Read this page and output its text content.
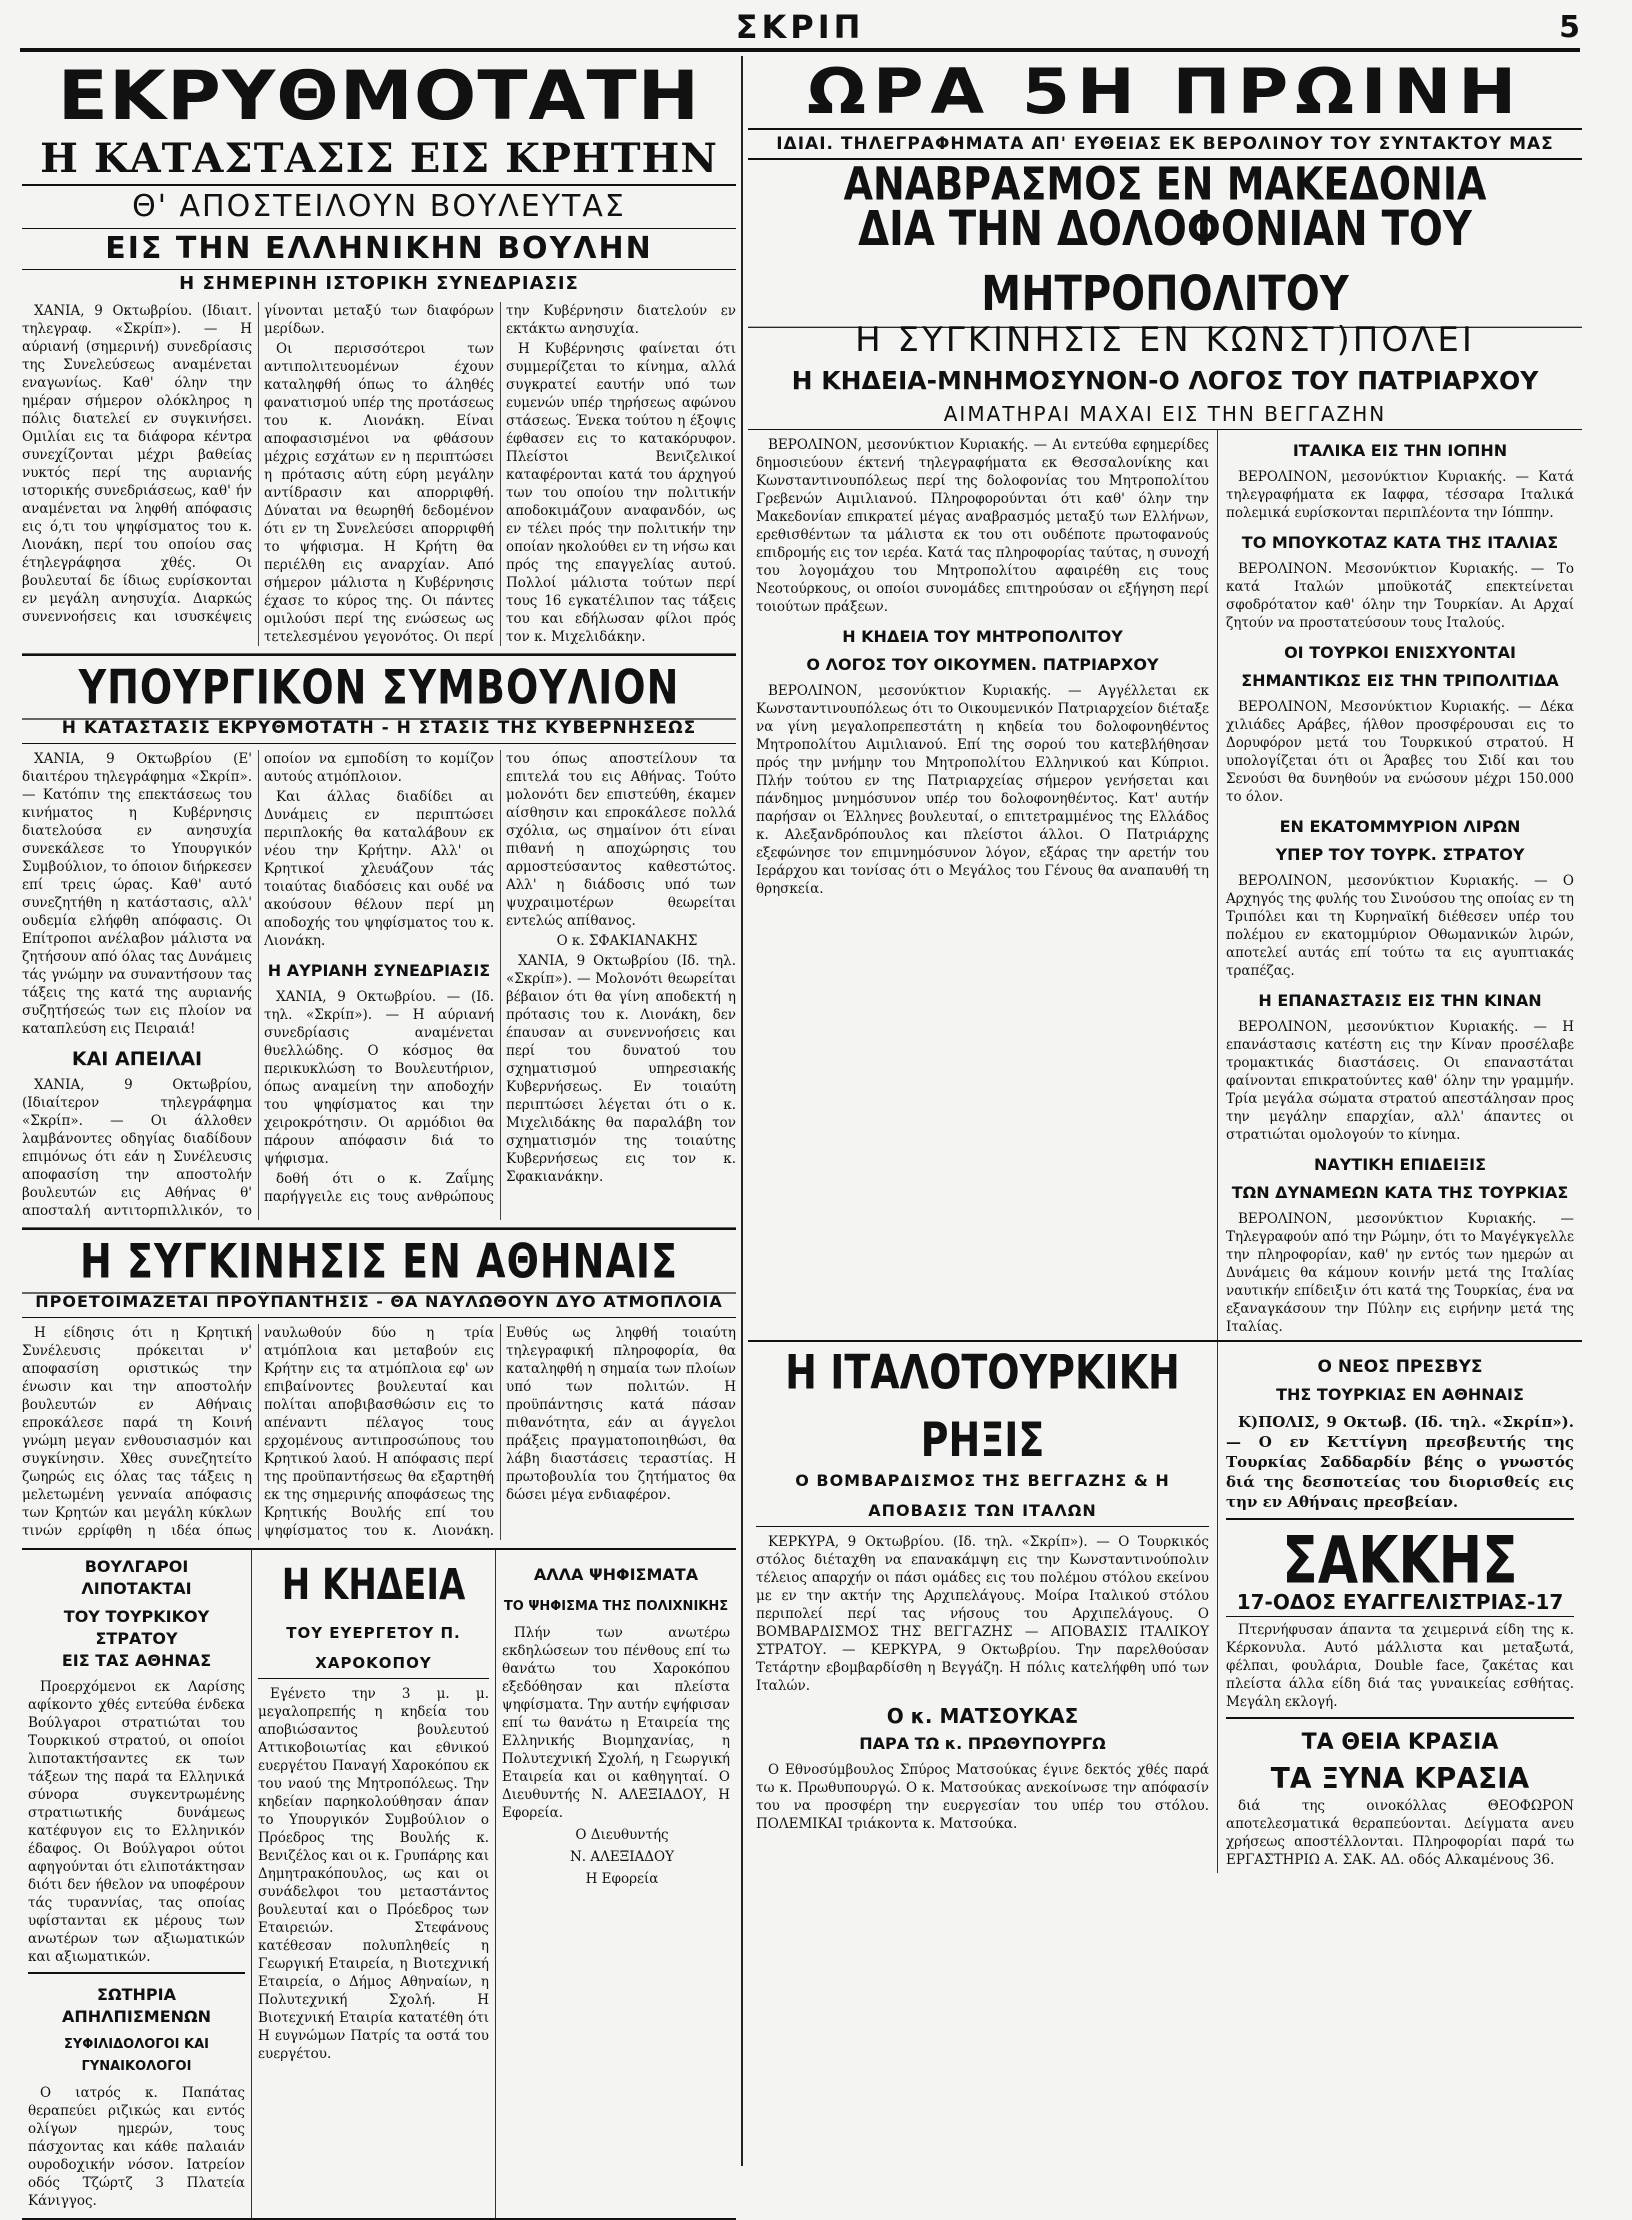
ΣΚΡΙΠ	5
ΕΚΡΥΘΜΟΤΑΤΗ
Η ΚΑΤΑΣΤΑΣΙΣ ΕΙΣ ΚΡΗΤΗΝ
Θ' ΑΠΟΣΤΕΙΛΟΥΝ ΒΟΥΛΕΥΤΑΣ
ΕΙΣ ΤΗΝ ΕΛΛΗΝΙΚΗΝ ΒΟΥΛΗΝ
Η ΣΗΜΕΡΙΝΗ ΙΣΤΟΡΙΚΗ ΣΥΝΕΔΡΙΑΣΙΣ

ΧΑΝΙΑ, 9 Οκτωβρίου. (Ιδιαιτ. τηλεγραφ. «Σκρίπ»). — Η αύριανή (σημερινή) συνεδρίασις της Συνελεύσεως αναμένεται εναγωνίως. Καθ' όλην την ημέραν σήμερον ολόκληρος η πόλις διατελεί εν συγκινήσει. Ομιλίαι εις τα διάφορα κέντρα συνεχίζονται μέχρι βαθείας νυκτός περί της αυριανής ιστορικής συνεδριάσεως, καθ' ήν αναμένεται να ληφθή απόφασις εις ό,τι του ψηφίσματος του κ. Λιονάκη, περί του οποίου σας έτηλεγράφησα χθές. Οι βουλευταί δε ίδιως ευρίσκονται εν μεγάλη ανησυχία. Διαρκώς συνεννοήσεις και ισυσκέψεις γίνονται μεταξύ των διαφόρων μερίδων.

Οι περισσότεροι των αντιπολιτευομένων έχουν καταληφθή όπως το άληθές φανατισμού υπέρ της προτάσεως του κ. Λιονάκη. Είναι αποφασισμένοι να φθάσουν μέχρις εσχάτων εν η περιπτώσει η πρότασις αύτη εύρη μεγάλην αντίδρασιν και απορριφθή. Δύναται να θεωρηθή δεδομένον ότι εν τη Συνελεύσει απορριφθή το ψήφισμα. Η Κρήτη θα περιέλθη εις αναρχίαν. Από σήμερον μάλιστα η Κυβέρνησις έχασε το κύρος της. Οι πάντες ομιλούσι περί της ενώσεως ως τετελεσμένου γεγονότος. Οι περί την Κυβέρνησιν διατελούν εν εκτάκτω ανησυχία.

Η Κυβέρνησις φαίνεται ότι συμμερίζεται το κίνημα, αλλά συγκρατεί εαυτήν υπό των ευμενών υπέρ τηρήσεως αφώνου στάσεως. Ένεκα τούτου η έξοψις έφθασεν εις το κατακόρυφον. Πλείστοι Βενιζελικοί καταφέρονται κατά του άρχηγού των του οποίου την πολιτικήν αποδοκιμάζουν αναφανδόν, ως εν τέλει πρός την πολιτικήν την οποίαν ηκολούθει εν τη νήσω και πρός της επαγγελίας αυτού. Πολλοί μάλιστα τούτων περί τους 16 εγκατέλιπον τας τάξεις του και εδήλωσαν φίλοι πρός τον κ. Μιχελιδάκην.

ΥΠΟΥΡΓΙΚΟΝ ΣΥΜΒΟΥΛΙΟΝ
Η ΚΑΤΑΣΤΑΣΙΣ ΕΚΡΥΘΜΟΤΑΤΗ - Η ΣΤΑΣΙΣ ΤΗΣ ΚΥΒΕΡΝΗΣΕΩΣ

ΧΑΝΙΑ, 9 Οκτωβρίου (Ε' διαιτέρου τηλεγράφημα «Σκρίπ». — Κατόπιν της επεκτάσεως του κινήματος η Κυβέρνησις διατελούσα εν ανησυχία συνεκάλεσε το Υπουργικόν Συμβούλιον, το όποιον διήρκεσεν επί τρεις ώρας. Καθ' αυτό συνεζητήθη η κατάστασις, αλλ' ουδεμία ελήφθη απόφασις. Οι Επίτροποι ανέλαβον μάλιστα να ζητήσουν από όλας τας Δυνάμεις τάς γνώμην να συναντήσουν τας τάξεις της κατά της αυριανής συζητήσεώς των εις πλοίον να καταπλεύση εις Πειραιά!

ΚΑΙ ΑΠΕΙΛΑΙ

ΧΑΝΙΑ, 9 Οκτωβρίου, (Ιδιαίτερον τηλεγράφημα «Σκρίπ». — Οι άλλοθεν λαμβάνοντες οδηγίας διαδίδουν επιμόνως ότι εάν η Συνέλευσις αποφασίση την αποστολήν βουλευτών εις Αθήνας θ' αποσταλή αντιτορπιλλικόν, το οποίον να εμποδίση το κομίζον αυτούς ατμόπλοιον.

Και άλλας διαδίδει αι Δυνάμεις εν περιπτώσει περιπλοκής θα καταλάβουν εκ νέου την Κρήτην. Αλλ' οι Κρητικοί χλευάζουν τάς τοιαύτας διαδόσεις και ουδέ να ακούσουν θέλουν περί μη αποδοχής του ψηφίσματος του κ. Λιονάκη.

Η ΑΥΡΙΑΝΗ ΣΥΝΕΔΡΙΑΣΙΣ

ΧΑΝΙΑ, 9 Οκτωβρίου. — (Ιδ. τηλ. «Σκρίπ»). — Η αύριανή συνεδρίασις αναμένεται θυελλώδης. Ο κόσμος θα περικυκλώση το Βουλευτήριον, όπως αναμείνη την αποδοχήν του ψηφίσματος και την χειροκρότησιν. Οι αρμόδιοι θα πάρουν απόφασιν διά το ψήφισμα.

δοθή ότι ο κ. Ζαΐμης παρήγγειλε εις τους ανθρώπους του όπως αποστείλουν τα επιτελά του εις Αθήνας. Τούτο μολονότι δεν επιστεύθη, έκαμεν αίσθησιν και επροκάλεσε πολλά σχόλια, ως σημαίνον ότι είναι πιθανή η αποχώρησις του αρμοστεύσαντος καθεστώτος. Αλλ' η διάδοσις υπό των ψυχραιμοτέρων θεωρείται εντελώς απίθανος.

Ο κ. ΣΦΑΚΙΑΝΑΚΗΣ

ΧΑΝΙΑ, 9 Οκτωβρίου (Ιδ. τηλ. «Σκρίπ»). — Μολονότι θεωρείται βέβαιον ότι θα γίνη αποδεκτή η πρότασις του κ. Λιονάκη, δεν έπαυσαν αι συνεννοήσεις και περί του δυνατού του σχηματισμού υπηρεσιακής Κυβερνήσεως. Εν τοιαύτη περιπτώσει λέγεται ότι ο κ. Μιχελιδάκης θα παραλάβη τον σχηματισμόν της τοιαύτης Κυβερνήσεως εις τον κ. Σφακιανάκην.

Η ΣΥΓΚΙΝΗΣΙΣ ΕΝ ΑΘΗΝΑΙΣ
ΠΡΟΕΤΟΙΜΑΖΕΤΑΙ ΠΡΟΫΠΑΝΤΗΣΙΣ - ΘΑ ΝΑΥΛΩΘΟΥΝ ΔΥΟ ΑΤΜΟΠΛΟΙΑ

Η είδησις ότι η Κρητική Συνέλευσις πρόκειται ν' αποφασίση οριστικώς την ένωσιν και την αποστολήν βουλευτών εν Αθήναις επροκάλεσε παρά τη Κοινή γνώμη μεγαν ενθουσιασμόν και συγκίνησιν. Χθες συνεζητείτο ζωηρώς εις όλας τας τάξεις η μελετωμένη γενναία απόφασις των Κρητών και μεγάλη κύκλων τινών ερρίφθη η ιδέα όπως ναυλωθούν δύο η τρία ατμόπλοια και μεταβούν εις Κρήτην εις τα ατμόπλοια εφ' ων επιβαίνοντες βουλευταί και πολίται αποβιβασθώσιν εις το απέναντι πέλαγος τους ερχομένους αντιπροσώπους του Κρητικού λαού. Η απόφασις περί της προϋπαντήσεως θα εξαρτηθή εκ της σημερινής αποφάσεως της Κρητικής Βουλής επί του ψηφίσματος του κ. Λιονάκη. Ευθύς ως ληφθή τοιαύτη τηλεγραφική πληροφορία, θα καταληφθή η σημαία των πλοίων υπό των πολιτών. Η προϋπάντησις κατά πάσαν πιθανότητα, εάν αι άγγελοι πράξεις πραγματοποιηθώσι, θα λάβη διαστάσεις τεραστίας. Η πρωτοβουλία του ζητήματος θα δώσει μέγα ενδιαφέρον.

ΒΟΥΛΓΑΡΟΙ ΛΙΠΟΤΑΚΤΑΙ
ΤΟΥ ΤΟΥΡΚΙΚΟΥ ΣΤΡΑΤΟΥ
ΕΙΣ ΤΑΣ ΑΘΗΝΑΣ

Προερχόμενοι εκ Λαρίσης αφίκοντο χθές εντεύθα ένδεκα Βούλγαροι στρατιώται του Τουρκικού στρατού, οι οποίοι λιποτακτήσαντες εκ των τάξεων της παρά τα Ελληνικά σύνορα συγκεντρωμένης στρατιωτικής δυνάμεως κατέφυγον εις το Ελληνικόν έδαφος. Οι Βούλγαροι ούτοι αφηγούνται ότι ελιποτάκτησαν διότι δεν ήθελον να υποφέρουν τάς τυραννίας, τας οποίας υφίστανται εκ μέρους των ανωτέρων των αξιωματικών και αξιωματικών.

ΣΩΤΗΡΙΑ ΑΠΗΛΠΙΣΜΕΝΩΝ
ΣΥΦΙΛΙΔΟΛΟΓΟΙ ΚΑΙ ΓΥΝΑΙΚΟΛΟΓΟΙ

Ο ιατρός κ. Παπάτας θεραπεύει ριζικώς και εντός ολίγων ημερών, τους πάσχοντας και κάθε παλαιάν ουροδοχικήν νόσον. Ιατρείον οδός Τζώρτζ 3 Πλατεία Κάνιγγος.

Η ΚΗΔΕΙΑ
ΤΟΥ ΕΥΕΡΓΕΤΟΥ Π. ΧΑΡΟΚΟΠΟΥ

Εγένετο την 3 μ. μ. μεγαλοπρεπής η κηδεία του αποβιώσαντος βουλευτού Αττικοβοιωτίας και εθνικού ευεργέτου Παναγή Χαροκόπου εκ του ναού της Μητροπόλεως. Την κηδείαν παρηκολούθησαν άπαν το Υπουργικόν Συμβούλιον ο Πρόεδρος της Βουλής κ. Βενιζέλος και οι κ. Γρυπάρης και Δημητρακόπουλος, ως και οι συνάδελφοι του μεταστάντος βουλευταί και ο Πρόεδρος των Εταιρειών. Στεφάνους κατέθεσαν πολυπληθείς η Γεωργική Εταιρεία, η Βιοτεχνική Εταιρεία, ο Δήμος Αθηναίων, η Πολυτεχνική Σχολή. Η Βιοτεχνική Εταιρία κατατέθη ότι Η ευγνώμων Πατρίς τα οστά του ευεργέτου.

ΑΛΛΑ ΨΗΦΙΣΜΑΤΑ
ΤΟ ΨΗΦΙΣΜΑ ΤΗΣ ΠΟΛΙΧΝΙΚΗΣ

Πλήν των ανωτέρω εκδηλώσεων του πένθους επί τω θανάτω του Χαροκόπου εξεδόθησαν και πλείστα ψηφίσματα. Την αυτήν εψήφισαν επί τω θανάτω η Εταιρεία της Ελληνικής Βιομηχανίας, η Πολυτεχνική Σχολή, η Γεωργική Εταιρεία και οι καθηγηταί. Ο Διευθυντής Ν. ΑΛΕΞΙΑΔΟΥ, Η Εφορεία.

Ο Διευθυντής

Ν. ΑΛΕΞΙΑΔΟΥ

Η Εφορεία

ΩΡΑ 5Η ΠΡΩΙΝΗ
ΙΔΙΑΙ. ΤΗΛΕΓΡΑΦΗΜΑΤΑ ΑΠ' ΕΥΘΕΙΑΣ ΕΚ ΒΕΡΟΛΙΝΟΥ ΤΟΥ ΣΥΝΤΑΚΤΟΥ ΜΑΣ
ΑΝΑΒΡΑΣΜΟΣ ΕΝ ΜΑΚΕΔΟΝΙΑ
ΔΙΑ ΤΗΝ ΔΟΛΟΦΟΝΙΑΝ ΤΟΥ ΜΗΤΡΟΠΟΛΙΤΟΥ
Η ΣΥΓΚΙΝΗΣΙΣ ΕΝ ΚΩΝΣΤ)ΠΟΛΕΙ
Η ΚΗΔΕΙΑ-ΜΝΗΜΟΣΥΝΟΝ-Ο ΛΟΓΟΣ ΤΟΥ ΠΑΤΡΙΑΡΧΟΥ
ΑΙΜΑΤΗΡΑΙ ΜΑΧΑΙ ΕΙΣ ΤΗΝ ΒΕΓΓΑΖΗΝ

ΒΕΡΟΛΙΝΟΝ, μεσονύκτιον Κυριακής. — Αι εντεύθα εφημερίδες δημοσιεύουν έκτενή τηλεγραφήματα εκ Θεσσαλονίκης και Κωνσταντινουπόλεως περί της δολοφονίας του Μητροπολίτου Γρεβενών Αιμιλιανού. Πληροφορούνται ότι καθ' όλην την Μακεδονίαν επικρατεί μέγας αναβρασμός μεταξύ των Ελλήνων, ερεθισθέντων τα μάλιστα εκ του οτι ουδέποτε πρωτοφανούς επιδρομής εις τον ιερέα. Κατά τας πληροφορίας ταύτας, η συνοχή του λογομάχου του Μητροπολίτου αφαιρέθη εις τους Νεοτούρκους, οι οποίοι συνομάδες επιτηρούσαν οι εξήγηση περί τοιούτων πράξεων.

Η ΚΗΔΕΙΑ ΤΟΥ ΜΗΤΡΟΠΟΛΙΤΟΥ
Ο ΛΟΓΟΣ ΤΟΥ ΟΙΚΟΥΜΕΝ. ΠΑΤΡΙΑΡΧΟΥ

ΒΕΡΟΛΙΝΟΝ, μεσονύκτιον Κυριακής. — Αγγέλλεται εκ Κωνσταντινουπόλεως ότι το Οικουμενικόν Πατριαρχείον διέταξε να γίνη μεγαλοπρεπεστάτη η κηδεία του δολοφονηθέντος Μητροπολίτου Αιμιλιανού. Επί της σορού του κατεβλήθησαν πρός την μνήμην του Μητροπολίτου Ελληνικού και Κύπριοι. Πλήν τούτου εν της Πατριαρχείας σήμερον γενήσεται και πάνδημος μνημόσυνον υπέρ του δολοφονηθέντος. Κατ' αυτήν παρήσαν οι Έλληνες βουλευταί, ο επιτετραμμένος της Ελλάδος κ. Αλεξανδρόπουλος και πλείστοι άλλοι. Ο Πατριάρχης εξεφώνησε τον επιμνημόσυνον λόγον, εξάρας την αρετήν του Ιεράρχου και τονίσας ότι ο Μεγάλος του Γένους θα αναπαυθή τη θρησκεία.

ΙΤΑΛΙΚΑ ΕΙΣ ΤΗΝ ΙΟΠΗΝ

ΒΕΡΟΛΙΝΟΝ, μεσονύκτιον Κυριακής. — Κατά τηλεγραφήματα εκ Ιαφφα, τέσσαρα Ιταλικά πολεμικά ευρίσκονται περιπλέοντα την Ιόππην.

ΤΟ ΜΠΟΥΚΟΤΑΖ ΚΑΤΑ ΤΗΣ ΙΤΑΛΙΑΣ

ΒΕΡΟΛΙΝΟΝ. Μεσονύκτιον Κυριακής. — Το κατά Ιταλών μποϋκοτάζ επεκτείνεται σφοδρότατον καθ' όλην την Τουρκίαν. Αι Αρχαί ζητούν να προστατεύσουν τους Ιταλούς.

ΟΙ ΤΟΥΡΚΟΙ ΕΝΙΣΧΥΟΝΤΑΙ
ΣΗΜΑΝΤΙΚΩΣ ΕΙΣ ΤΗΝ ΤΡΙΠΟΛΙΤΙΔΑ

ΒΕΡΟΛΙΝΟΝ, Μεσονύκτιον Κυριακής. — Δέκα χιλιάδες Αράβες, ήλθον προσφέρουσαι εις το Δορυφόρον μετά του Τουρκικού στρατού. Η υπολογίζεται ότι οι Άραβες του Σιδί και του Σενούσι θα δυνηθούν να ενώσουν μέχρι 150.000 το όλον.

ΕΝ ΕΚΑΤΟΜΜΥΡΙΟΝ ΛΙΡΩΝ
ΥΠΕΡ ΤΟΥ ΤΟΥΡΚ. ΣΤΡΑΤΟΥ

ΒΕΡΟΛΙΝΟΝ, μεσονύκτιον Κυριακής. — Ο Αρχηγός της φυλής του Σινούσου της οποίας εν τη Τριπόλει και τη Κυρηναϊκή διέθεσεν υπέρ του πολέμου εν εκατομμύριον Οθωμανικών λιρών, αποτελεί αυτάς επί τούτω τα εις αγυπτιακάς τραπέζας.

Η ΕΠΑΝΑΣΤΑΣΙΣ ΕΙΣ ΤΗΝ ΚΙΝΑΝ

ΒΕΡΟΛΙΝΟΝ, μεσονύκτιον Κυριακής. — Η επανάστασις κατέστη εις την Κίναν προσέλαβε τρομακτικάς διαστάσεις. Οι επαναστάται φαίνονται επικρατούντες καθ' όλην την γραμμήν. Τρία μεγάλα σώματα στρατού απεστάλησαν προς την μεγάλην επαρχίαν, αλλ' άπαντες οι στρατιώται ομολογούν το κίνημα.

ΝΑΥΤΙΚΗ ΕΠΙΔΕΙΞΙΣ
ΤΩΝ ΔΥΝΑΜΕΩΝ ΚΑΤΑ ΤΗΣ ΤΟΥΡΚΙΑΣ

ΒΕΡΟΛΙΝΟΝ, μεσονύκτιον Κυριακής. — Τηλεγραφούν από την Ρώμην, ότι το Μαγέγκγελλε την πληροφορίαν, καθ' ην εντός των ημερών αι Δυνάμεις θα κάμουν κοινήν μετά της Ιταλίας ναυτικήν επίδειξιν ότι κατά της Τουρκίας, ένα να εξαναγκάσουν την Πύλην εις ειρήνην μετά της Ιταλίας.

Η ΙΤΑΛΟΤΟΥΡΚΙΚΗ ΡΗΞΙΣ
Ο ΒΟΜΒΑΡΔΙΣΜΟΣ ΤΗΣ ΒΕΓΓΑΖΗΣ & Η ΑΠΟΒΑΣΙΣ ΤΩΝ ΙΤΑΛΩΝ

ΚΕΡΚΥΡΑ, 9 Οκτωβρίου. (Ιδ. τηλ. «Σκρίπ»). — Ο Τουρκικός στόλος διέταχθη να επανακάμψη εις την Κωνσταντινούπολιν τέλειος απαρχήν οι πάσι ομάδες εις του πολέμου στόλου εκείνου με εν την ακτήν της Αρχιπελάγους. Μοίρα Ιταλικού στόλου περιπολεί περί τας νήσους του Αρχιπελάγους. Ο ΒΟΜΒΑΡΔΙΣΜΟΣ ΤΗΣ ΒΕΓΓΑΖΗΣ — ΑΠΟΒΑΣΙΣ ΙΤΑΛΙΚΟΥ ΣΤΡΑΤΟΥ. — ΚΕΡΚΥΡΑ, 9 Οκτωβρίου. Την παρελθούσαν Τετάρτην εβομβαρδίσθη η Βεγγάζη. Η πόλις κατελήφθη υπό των Ιταλών.

Ο κ. ΜΑΤΣΟΥΚΑΣ
ΠΑΡΑ ΤΩ κ. ΠΡΩΘΥΠΟΥΡΓΩ

Ο Εθνοσύμβουλος Σπύρος Ματσούκας έγινε δεκτός χθές παρά τω κ. Πρωθυπουργώ. Ο κ. Ματσούκας ανεκοίνωσε την απόφασίν του να προσφέρη την ευεργεσίαν του υπέρ του στόλου. ΠΟΛΕΜΙΚΑΙ τριάκοντα κ. Ματσούκα.

Ο ΝΕΟΣ ΠΡΕΣΒΥΣ
ΤΗΣ ΤΟΥΡΚΙΑΣ ΕΝ ΑΘΗΝΑΙΣ

Κ)ΠΟΛΙΣ, 9 Οκτωβ. (Ιδ. τηλ. «Σκρίπ»). — Ο εν Κεττίγνη πρεσβευτής της Τουρκίας Σαδδαρδίν βέης ο γνωστός διά της δεσποτείας του διορισθείς εις την εν Αθήναις πρεσβείαν.

ΣΑΚΚΗΣ
17-ΟΔΟΣ ΕΥΑΓΓΕΛΙΣΤΡΙΑΣ-17

Πτερνήφυσαν άπαντα τα χειμερινά είδη της κ. Κέρκονυλα. Αυτό μάλλιστα και μεταξωτά, φέλπαι, φουλάρια, Double face, ζακέτας και πλείστα άλλα είδη διά τας γυναικείας εσθήτας. Μεγάλη εκλογή.

ΤΑ ΘΕΙΑ ΚΡΑΣΙΑ
ΤΑ ΞΥΝΑ ΚΡΑΣΙΑ

διά της οινοκόλλας ΘΕΟΦΩΡΟΝ αποτελεσματικά θεραπεύονται. Δείγματα ανευ χρήσεως αποστέλλονται. Πληροφορίαι παρά τω ΕΡΓΑΣΤΗΡΙΩ Α. ΣΑΚ. ΑΔ. οδός Αλκαμένους 36.
